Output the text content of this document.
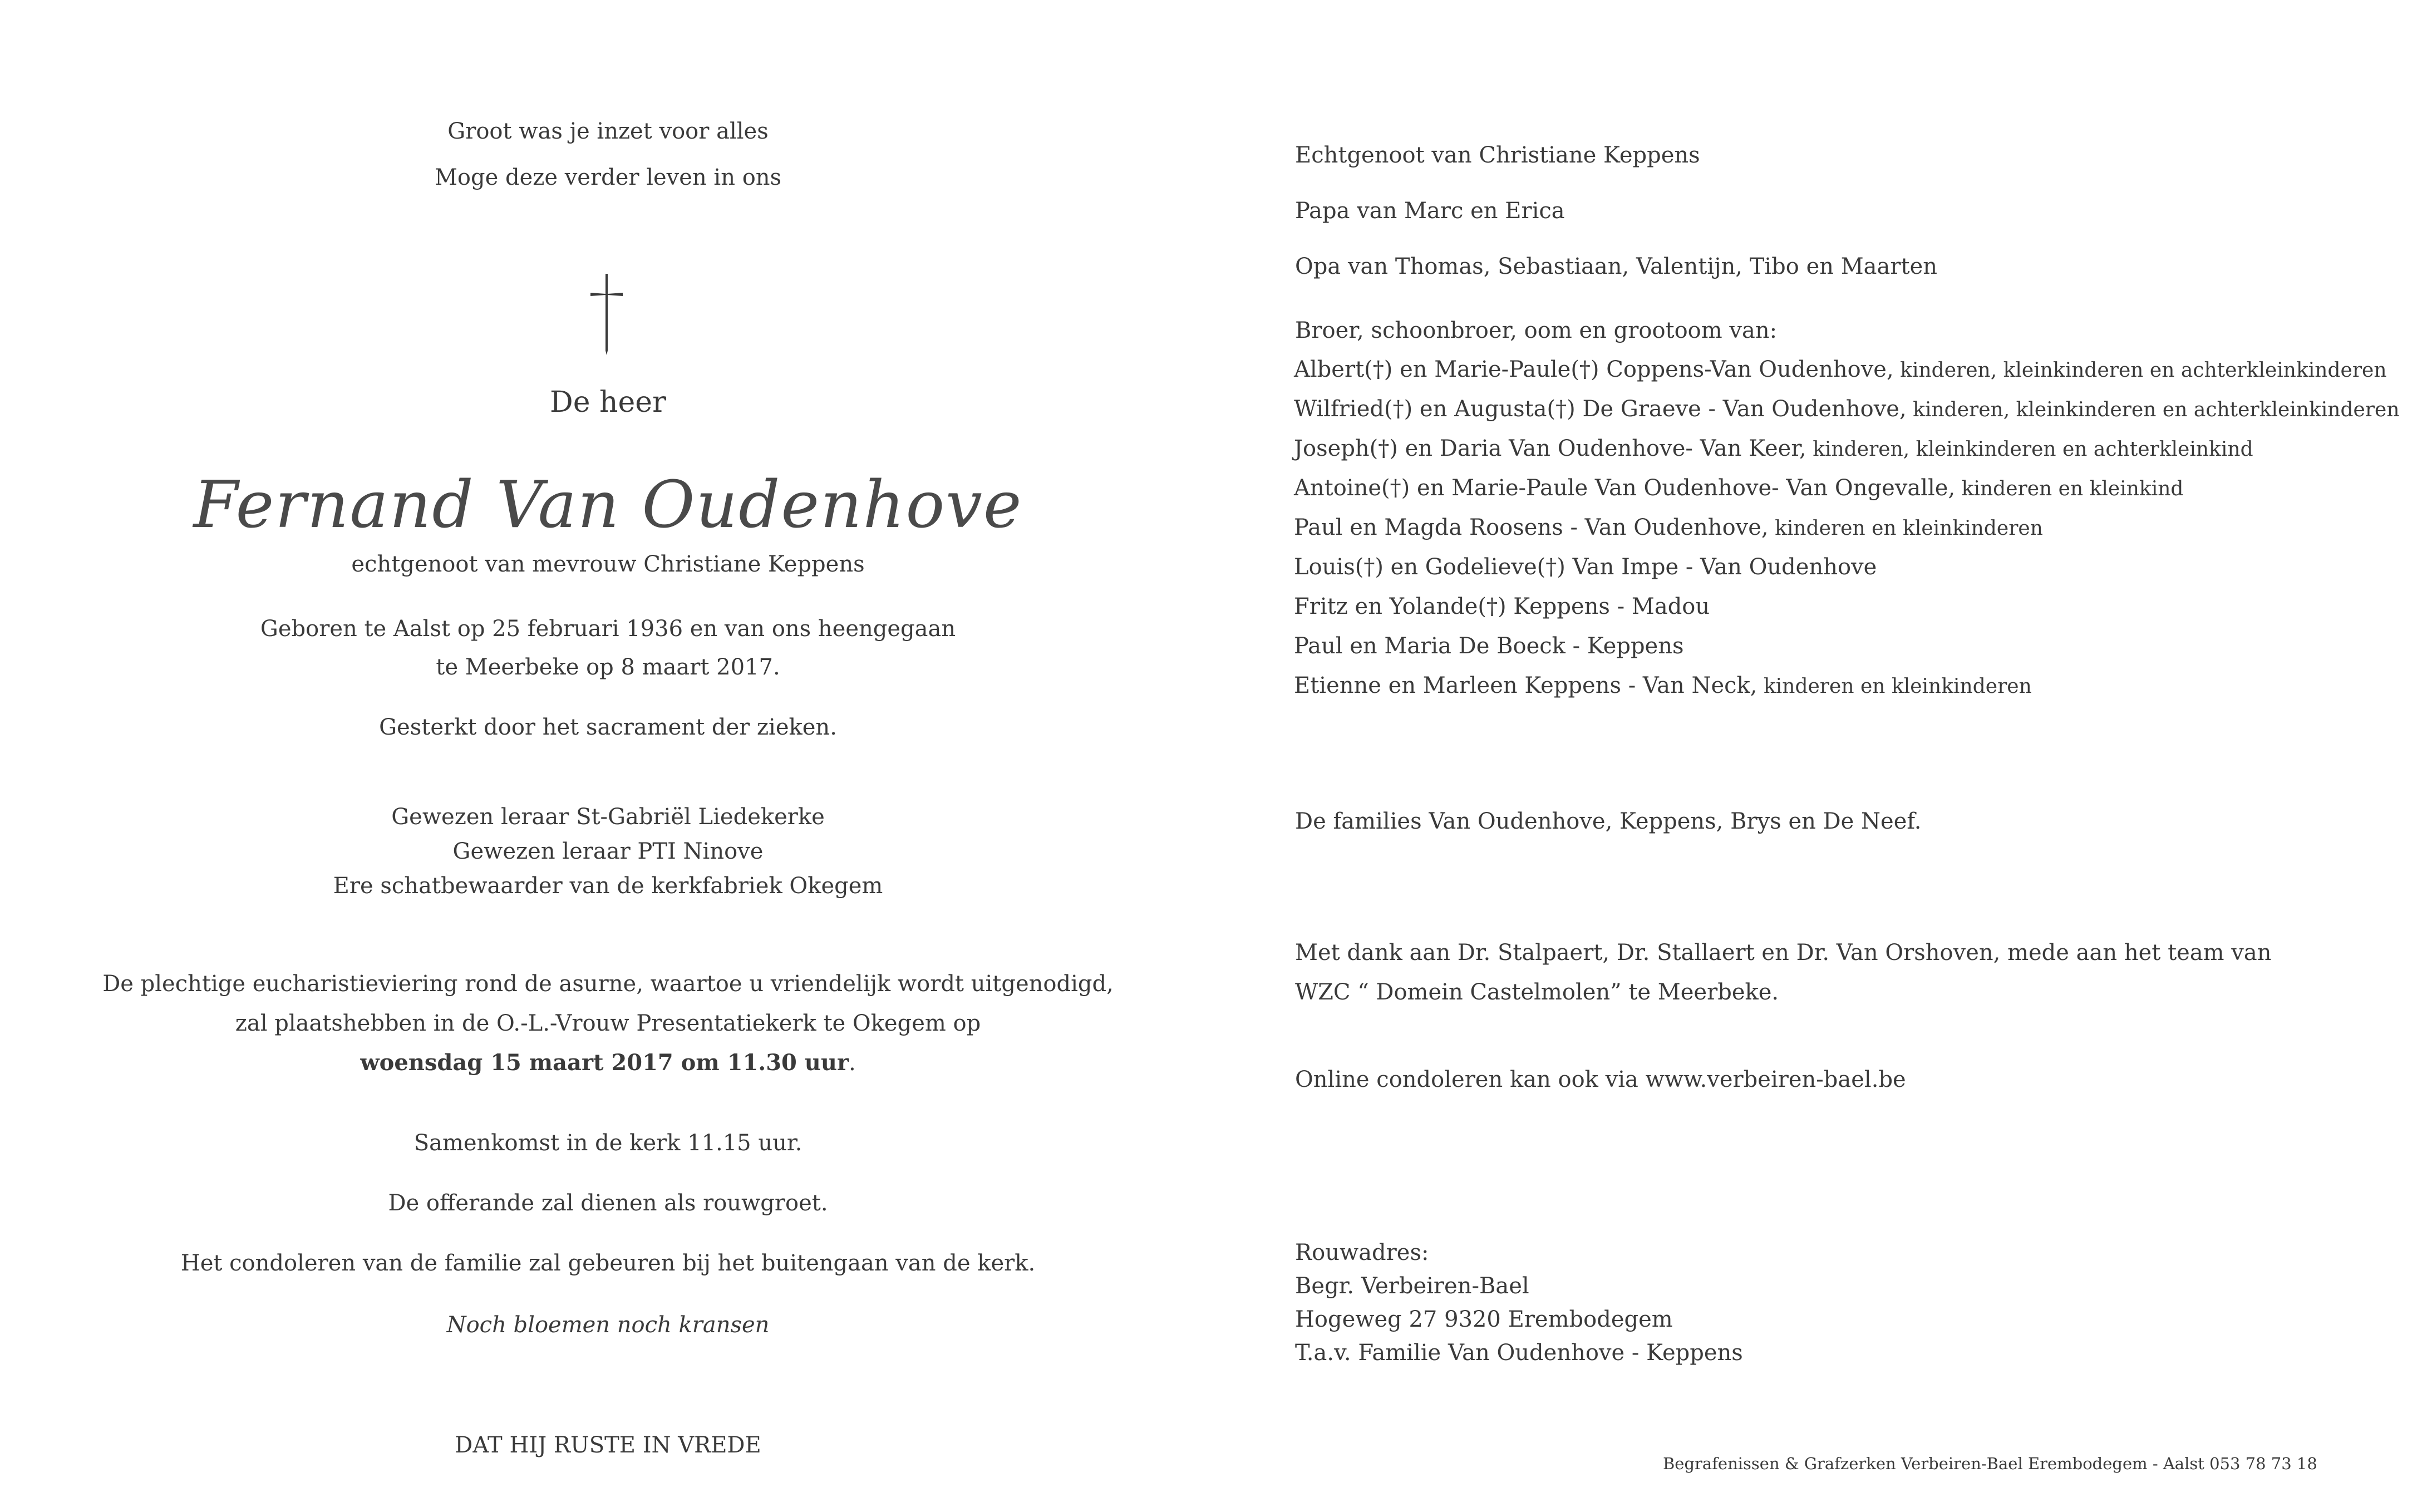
Groot was je inzet voor alles
Moge deze verder leven in ons
De heer
Fernand Van Oudenhove
echtgenoot van mevrouw Christiane Keppens
Geboren te Aalst op 25 februari 1936 en van ons heengegaan
te Meerbeke op 8 maart 2017.
Gesterkt door het sacrament der zieken.
Gewezen leraar St-Gabriël Liedekerke
Gewezen leraar PTI Ninove
Ere schatbewaarder van de kerkfabriek Okegem
De plechtige eucharistieviering rond de asurne, waartoe u vriendelijk wordt uitgenodigd,
zal plaatshebben in de O.-L.-Vrouw Presentatiekerk te Okegem op
woensdag 15 maart 2017 om 11.30 uur.
Samenkomst in de kerk 11.15 uur.
De offerande zal dienen als rouwgroet.
Het condoleren van de familie zal gebeuren bij het buitengaan van de kerk.
Noch bloemen noch kransen
DAT HIJ RUSTE IN VREDE
Echtgenoot van Christiane Keppens
Papa van Marc en Erica
Opa van Thomas, Sebastiaan, Valentijn, Tibo en Maarten
Broer, schoonbroer, oom en grootoom van:
Albert(†) en Marie-Paule(†) Coppens-Van Oudenhove, kinderen, kleinkinderen en achterkleinkinderen
Wilfried(†) en Augusta(†) De Graeve - Van Oudenhove, kinderen, kleinkinderen en achterkleinkinderen
Joseph(†) en Daria Van Oudenhove- Van Keer, kinderen, kleinkinderen en achterkleinkind
Antoine(†) en Marie-Paule Van Oudenhove- Van Ongevalle, kinderen en kleinkind
Paul en Magda Roosens - Van Oudenhove, kinderen en kleinkinderen
Louis(†) en Godelieve(†) Van Impe - Van Oudenhove
Fritz en Yolande(†) Keppens - Madou
Paul en Maria De Boeck - Keppens
Etienne en Marleen Keppens - Van Neck, kinderen en kleinkinderen
De families Van Oudenhove, Keppens, Brys en De Neef.
Met dank aan Dr. Stalpaert, Dr. Stallaert en Dr. Van Orshoven, mede aan het team van
WZC “ Domein Castelmolen” te Meerbeke.
Online condoleren kan ook via www.verbeiren-bael.be
Rouwadres:
Begr. Verbeiren-Bael
Hogeweg 27 9320 Erembodegem
T.a.v. Familie Van Oudenhove - Keppens
Begrafenissen & Grafzerken Verbeiren-Bael Erembodegem - Aalst 053 78 73 18
